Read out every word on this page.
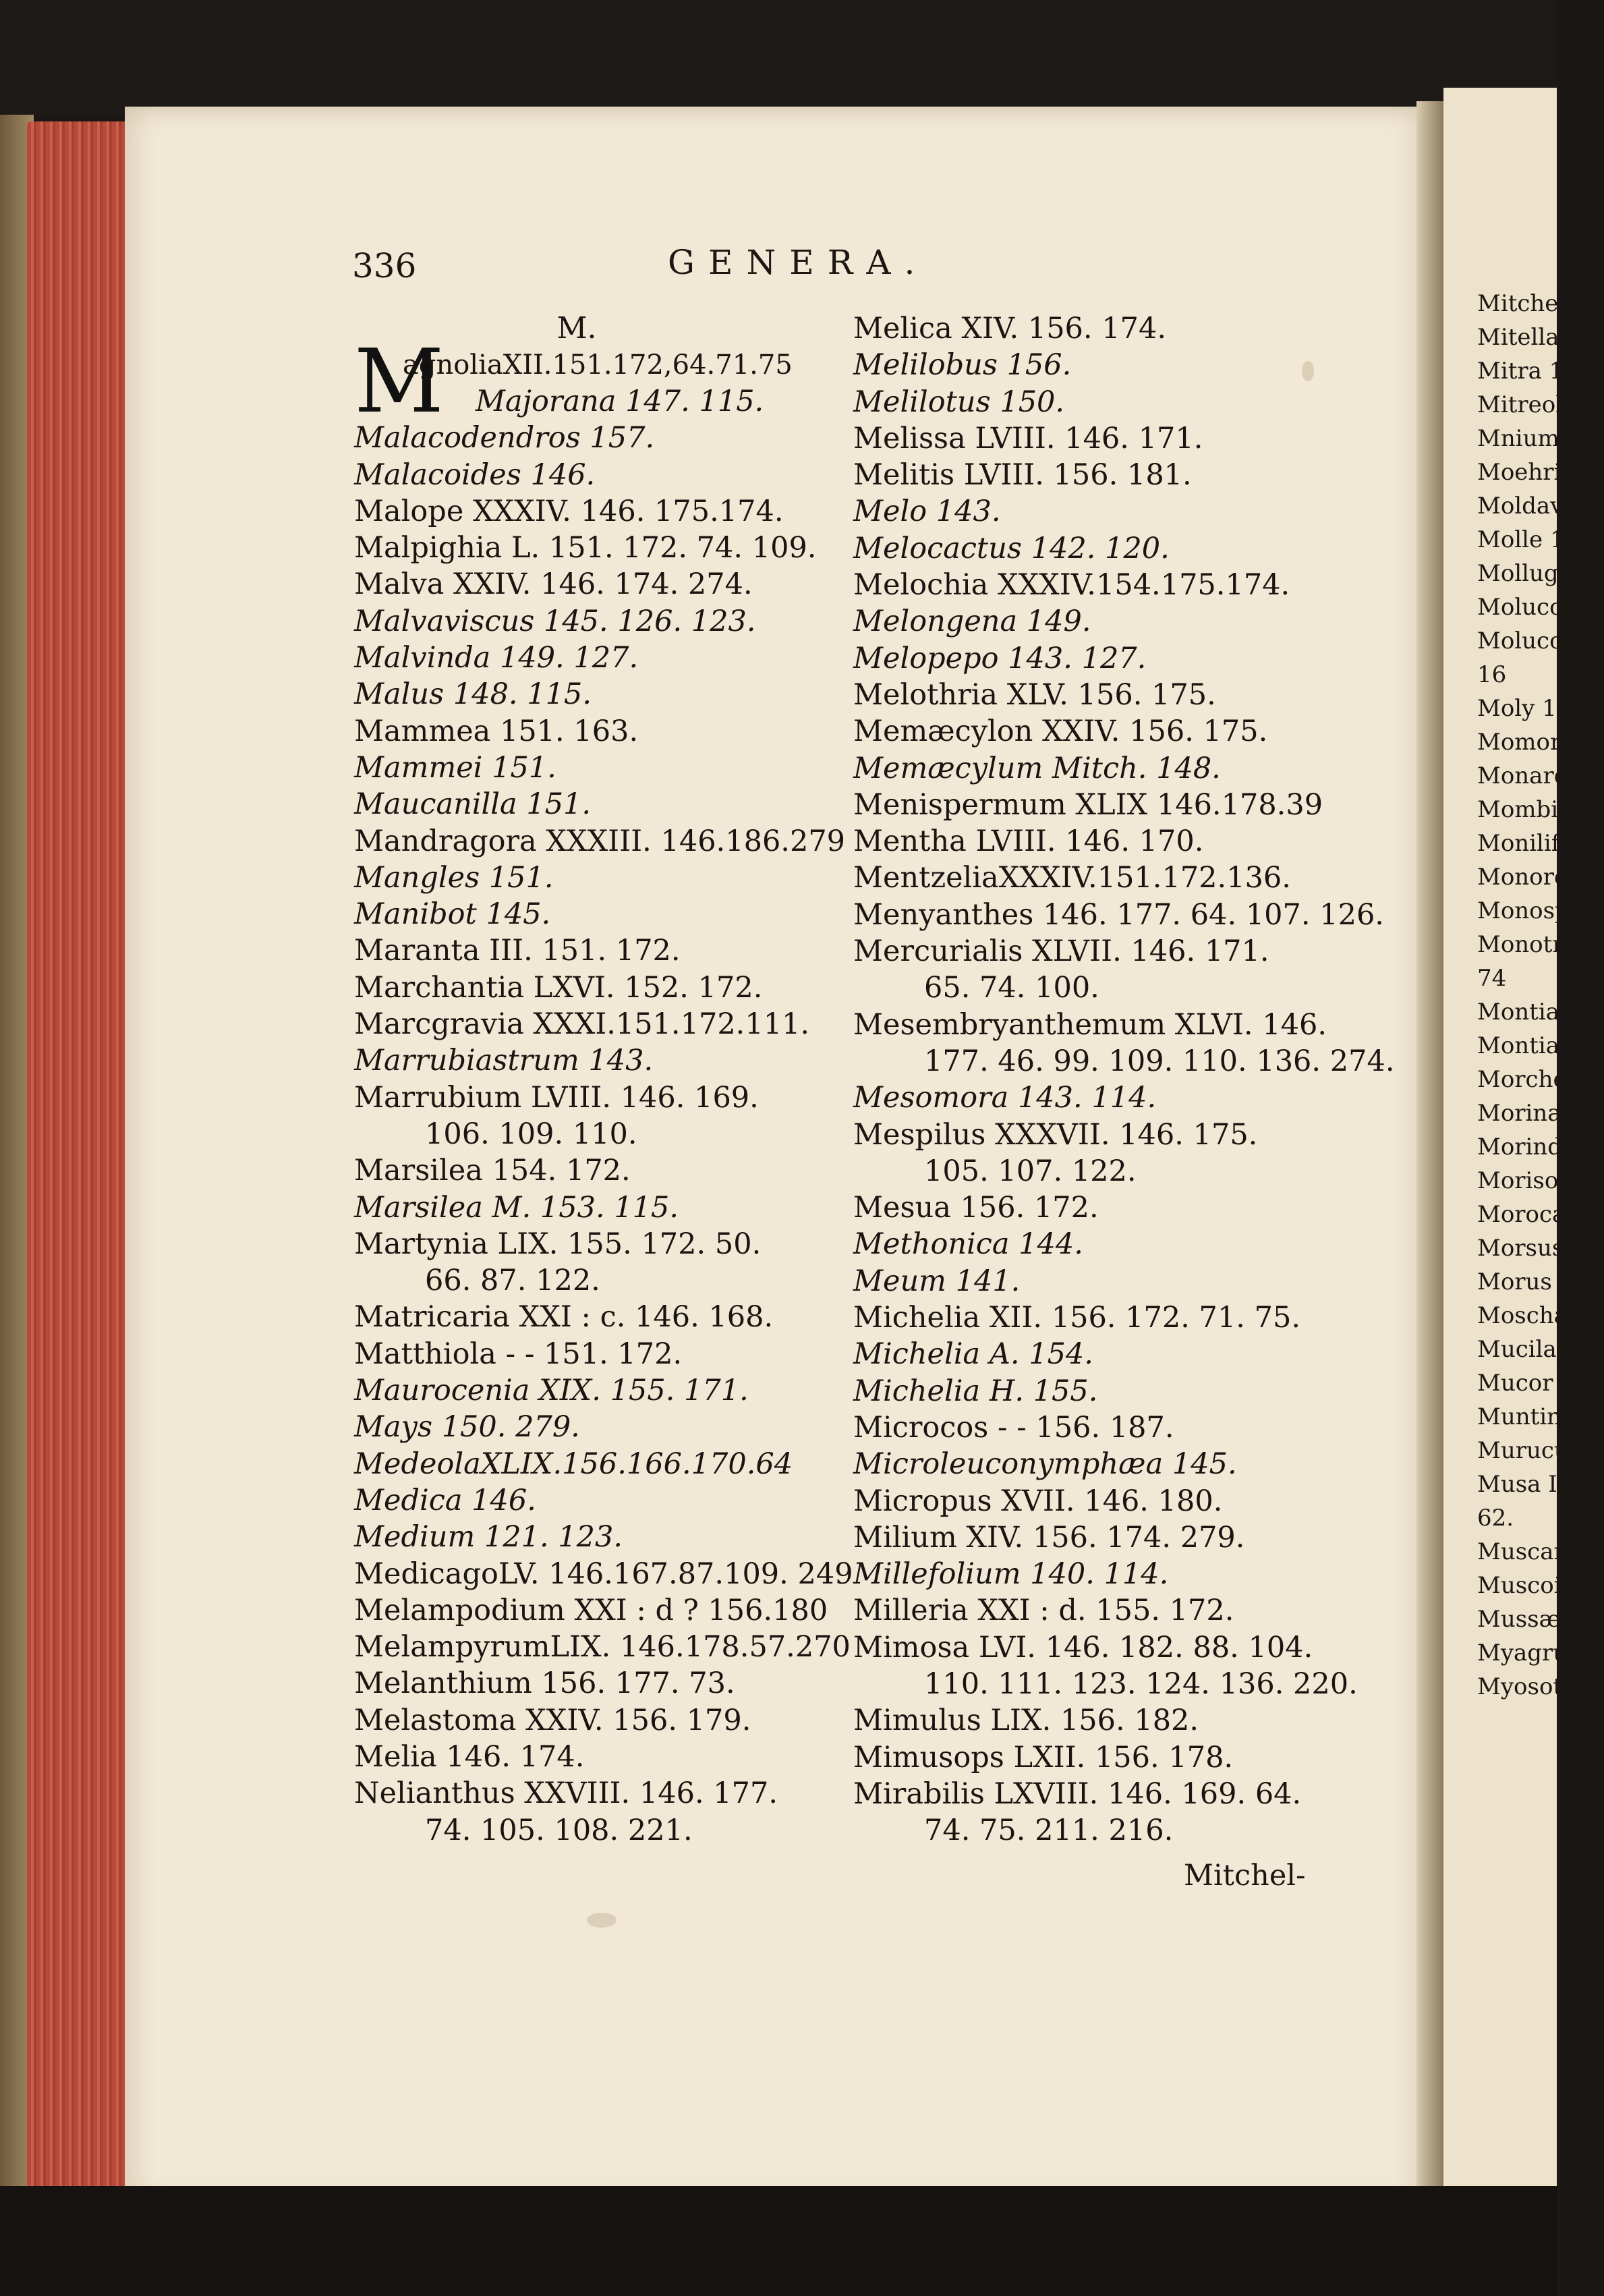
336	GENERA.
M.
M
agnoliaXII.151.172,64.71.75
Majorana 147. 115.
Malacodendros 157.
Malacoides 146.
Malope XXXIV. 146. 175.174.
Malpighia L. 151. 172. 74. 109.
Malva XXIV. 146. 174. 274.
Malvaviscus 145. 126. 123.
Malvinda 149. 127.
Malus 148. 115.
Mammea 151. 163.
Mammei 151.
Maucanilla 151.
Mandragora XXXIII. 146.186.279
Mangles 151.
Manibot 145.
Maranta III. 151. 172.
Marchantia LXVI. 152. 172.
Marcgravia XXXI.151.172.111.
Marrubiastrum 143.
Marrubium LVIII. 146. 169.
106. 109. 110.
Marsilea 154. 172.
Marsilea M. 153. 115.
Martynia LIX. 155. 172. 50.
66. 87. 122.
Matricaria XXI : c. 146. 168.
Matthiola - - 151. 172.
Maurocenia XIX. 155. 171.
Mays 150. 279.
MedeolaXLIX.156.166.170.64
Medica 146.
Medium 121. 123.
MedicagoLV. 146.167.87.109. 249
Melampodium XXI : d ? 156.180
MelampyrumLIX. 146.178.57.270
Melanthium 156. 177. 73.
Melastoma XXIV. 156. 179.
Melia 146. 174.
Nelianthus XXVIII. 146. 177.
74. 105. 108. 221.
Melica XIV. 156. 174.
Melilobus 156.
Melilotus 150.
Melissa LVIII. 146. 171.
Melitis LVIII. 156. 181.
Melo 143.
Melocactus 142. 120.
Melochia XXXIV.154.175.174.
Melongena 149.
Melopepo 143. 127.
Melothria XLV. 156. 175.
Memæcylon XXIV. 156. 175.
Memæcylum Mitch. 148.
Menispermum XLIX 146.178.39
Mentha LVIII. 146. 170.
MentzeliaXXXIV.151.172.136.
Menyanthes 146. 177. 64. 107. 126.
Mercurialis XLVII. 146. 171.
65. 74. 100.
Mesembryanthemum XLVI. 146.
177. 46. 99. 109. 110. 136. 274.
Mesomora 143. 114.
Mespilus XXXVII. 146. 175.
105. 107. 122.
Mesua 156. 172.
Methonica 144.
Meum 141.
Michelia XII. 156. 172. 71. 75.
Michelia A. 154.
Michelia H. 155.
Microcos - - 156. 187.
Microleuconymphæa 145.
Micropus XVII. 146. 180.
Milium XIV. 156. 174. 279.
Millefolium 140. 114.
Milleria XXI : d. 155. 172.
Mimosa LVI. 146. 182. 88. 104.
110. 111. 123. 124. 136. 220.
Mimulus LIX. 156. 182.
Mimusops LXII. 156. 178.
Mirabilis LXVIII. 146. 169. 64.
74. 75. 211. 216.
Mitchel-
Mitchella
Mitella XI
Mitra 15
Mitreola
Mnium L
Moehrin
Moldavic
Molle 14
Mollugo
Molucca
Molucce
16
Moly 14
Momorc
Monarda
Mombin
Monilif
Monorch
Monospe
Monotr
74
Montia
Montia
Morchel
Morina
Morinda
Morisona
Morocarp
Morsus F
Morus X
Moschate
Mucilago
Mucor L
Muntingi
Murucuj
Musa III
62.
Muscari
Muscoide
Mussænda
Myagrum
Myosotis
